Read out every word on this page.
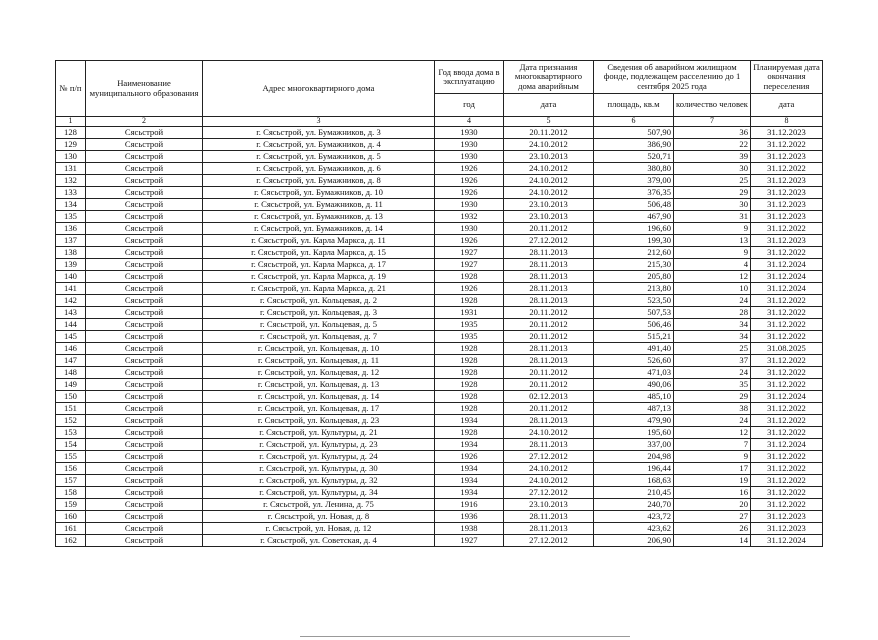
№ п/п	Наименование муниципального образования	Адрес многоквартирного дома	Год ввода дома в эксплуатацию	Дата признания многоквартирного дома аварийным	Сведения об аварийном жилищном фонде, подлежащем расселению до 1 сентября 2025 года		Планируемая дата окончания переселения
			год	дата	площадь, кв.м	количество человек	дата
1	2	3	4	5	6	7	8
128	Сясьстрой	г. Сясьстрой, ул. Бумажников, д. 3	1930	20.11.2012	507,90	36	31.12.2023
129	Сясьстрой	г. Сясьстрой, ул. Бумажников, д. 4	1930	24.10.2012	386,90	22	31.12.2022
130	Сясьстрой	г. Сясьстрой, ул. Бумажников, д. 5	1930	23.10.2013	520,71	39	31.12.2023
131	Сясьстрой	г. Сясьстрой, ул. Бумажников, д. 6	1926	24.10.2012	380,80	30	31.12.2022
132	Сясьстрой	г. Сясьстрой, ул. Бумажников, д. 8	1926	24.10.2012	379,00	25	31.12.2023
133	Сясьстрой	г. Сясьстрой, ул. Бумажников, д. 10	1926	24.10.2012	376,35	29	31.12.2023
134	Сясьстрой	г. Сясьстрой, ул. Бумажников, д. 11	1930	23.10.2013	506,48	30	31.12.2023
135	Сясьстрой	г. Сясьстрой, ул. Бумажников, д. 13	1932	23.10.2013	467,90	31	31.12.2023
136	Сясьстрой	г. Сясьстрой, ул. Бумажников, д. 14	1930	20.11.2012	196,60	9	31.12.2022
137	Сясьстрой	г. Сясьстрой, ул. Карла Маркса, д. 11	1926	27.12.2012	199,30	13	31.12.2023
138	Сясьстрой	г. Сясьстрой, ул. Карла Маркса, д. 15	1927	28.11.2013	212,60	9	31.12.2022
139	Сясьстрой	г. Сясьстрой, ул. Карла Маркса, д. 17	1927	28.11.2013	215,30	4	31.12.2024
140	Сясьстрой	г. Сясьстрой, ул. Карла Маркса, д. 19	1928	28.11.2013	205,80	12	31.12.2024
141	Сясьстрой	г. Сясьстрой, ул. Карла Маркса, д. 21	1926	28.11.2013	213,80	10	31.12.2024
142	Сясьстрой	г. Сясьстрой, ул. Кольцевая, д. 2	1928	28.11.2013	523,50	24	31.12.2022
143	Сясьстрой	г. Сясьстрой, ул. Кольцевая, д. 3	1931	20.11.2012	507,53	28	31.12.2022
144	Сясьстрой	г. Сясьстрой, ул. Кольцевая, д. 5	1935	20.11.2012	506,46	34	31.12.2022
145	Сясьстрой	г. Сясьстрой, ул. Кольцевая, д. 7	1935	20.11.2012	515,21	34	31.12.2022
146	Сясьстрой	г. Сясьстрой, ул. Кольцевая, д. 10	1928	28.11.2013	491,40	25	31.08.2025
147	Сясьстрой	г. Сясьстрой, ул. Кольцевая, д. 11	1928	28.11.2013	526,60	37	31.12.2022
148	Сясьстрой	г. Сясьстрой, ул. Кольцевая, д. 12	1928	20.11.2012	471,03	24	31.12.2022
149	Сясьстрой	г. Сясьстрой, ул. Кольцевая, д. 13	1928	20.11.2012	490,06	35	31.12.2022
150	Сясьстрой	г. Сясьстрой, ул. Кольцевая, д. 14	1928	02.12.2013	485,10	29	31.12.2024
151	Сясьстрой	г. Сясьстрой, ул. Кольцевая, д. 17	1928	20.11.2012	487,13	38	31.12.2022
152	Сясьстрой	г. Сясьстрой, ул. Кольцевая, д. 23	1934	28.11.2013	479,90	24	31.12.2022
153	Сясьстрой	г. Сясьстрой, ул. Культуры, д. 21	1928	24.10.2012	195,60	12	31.12.2022
154	Сясьстрой	г. Сясьстрой, ул. Культуры, д. 23	1934	28.11.2013	337,00	7	31.12.2024
155	Сясьстрой	г. Сясьстрой, ул. Культуры, д. 24	1926	27.12.2012	204,98	9	31.12.2022
156	Сясьстрой	г. Сясьстрой, ул. Культуры, д. 30	1934	24.10.2012	196,44	17	31.12.2022
157	Сясьстрой	г. Сясьстрой, ул. Культуры, д. 32	1934	24.10.2012	168,63	19	31.12.2022
158	Сясьстрой	г. Сясьстрой, ул. Культуры, д. 34	1934	27.12.2012	210,45	16	31.12.2022
159	Сясьстрой	г. Сясьстрой, ул. Ленина, д. 75	1916	23.10.2013	240,70	20	31.12.2022
160	Сясьстрой	г. Сясьстрой, ул. Новая, д. 8	1936	28.11.2013	423,72	27	31.12.2023
161	Сясьстрой	г. Сясьстрой, ул. Новая, д. 12	1938	28.11.2013	423,62	26	31.12.2023
162	Сясьстрой	г. Сясьстрой, ул. Советская, д. 4	1927	27.12.2012	206,90	14	31.12.2024
